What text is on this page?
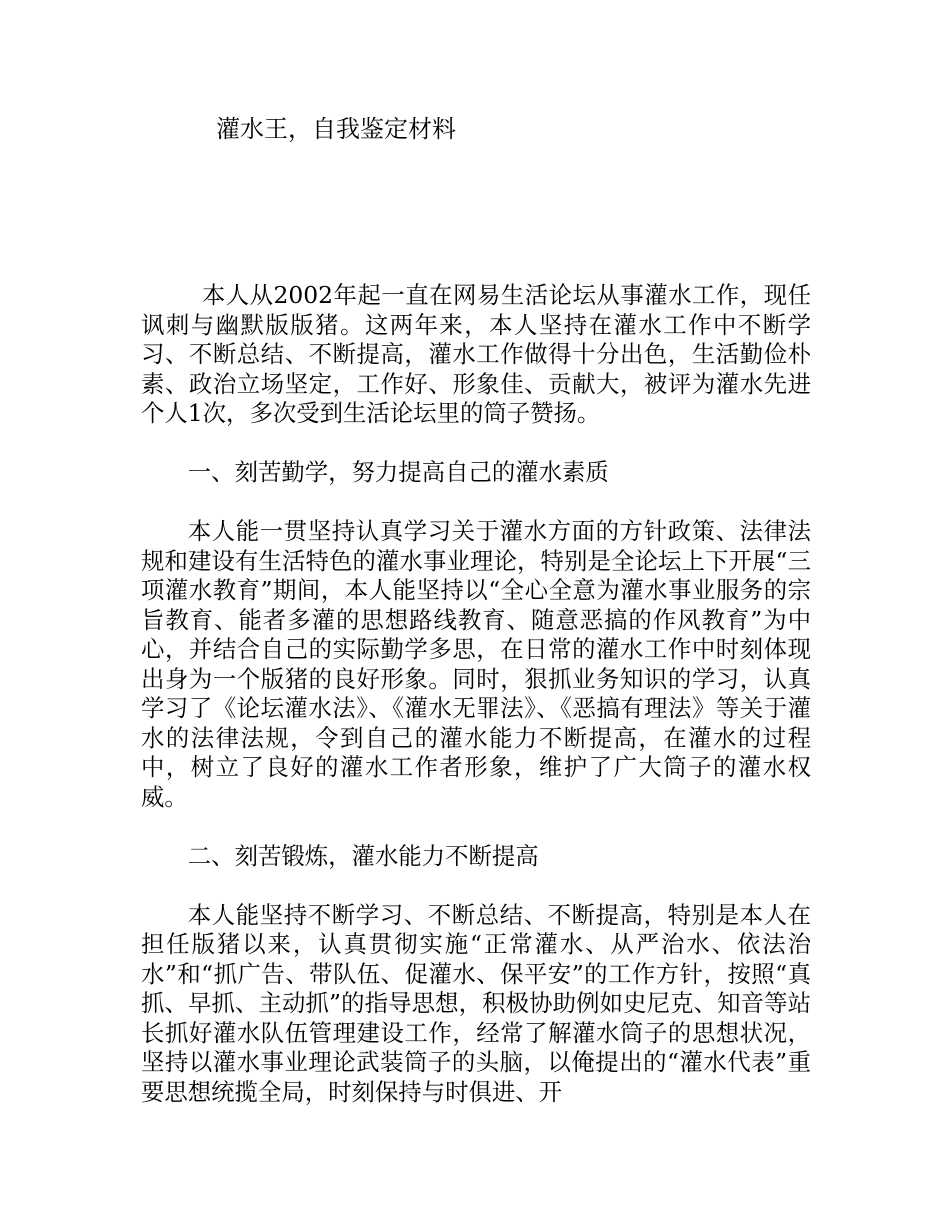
灌水王，自我鉴定材料

本人从2002年起一直在网易生活论坛从事灌水工作，现任讽刺与幽默版版猪。这两年来，本人坚持在灌水工作中不断学习、不断总结、不断提高，灌水工作做得十分出色，生活勤俭朴素、政治立场坚定，工作好、形象佳、贡献大，被评为灌水先进个人1次，多次受到生活论坛里的筒子赞扬。

一、刻苦勤学，努力提高自己的灌水素质

本人能一贯坚持认真学习关于灌水方面的方针政策、法律法规和建设有生活特色的灌水事业理论，特别是全论坛上下开展“三项灌水教育”期间，本人能坚持以“全心全意为灌水事业服务的宗旨教育、能者多灌的思想路线教育、随意恶搞的作风教育”为中心，并结合自己的实际勤学多思，在日常的灌水工作中时刻体现出身为一个版猪的良好形象。同时，狠抓业务知识的学习，认真学习了《论坛灌水法》、《灌水无罪法》、《恶搞有理法》等关于灌水的法律法规，令到自己的灌水能力不断提高，在灌水的过程中，树立了良好的灌水工作者形象，维护了广大筒子的灌水权威。

二、刻苦锻炼，灌水能力不断提高

本人能坚持不断学习、不断总结、不断提高，特别是本人在担任版猪以来，认真贯彻实施“正常灌水、从严治水、依法治水”和“抓广告、带队伍、促灌水、保平安”的工作方针，按照“真抓、早抓、主动抓”的指导思想，积极协助例如史尼克、知音等站长抓好灌水队伍管理建设工作，经常了解灌水筒子的思想状况，坚持以灌水事业理论武装筒子的头脑，以俺提出的“灌水代表”重要思想统揽全局，时刻保持与时俱进、开
